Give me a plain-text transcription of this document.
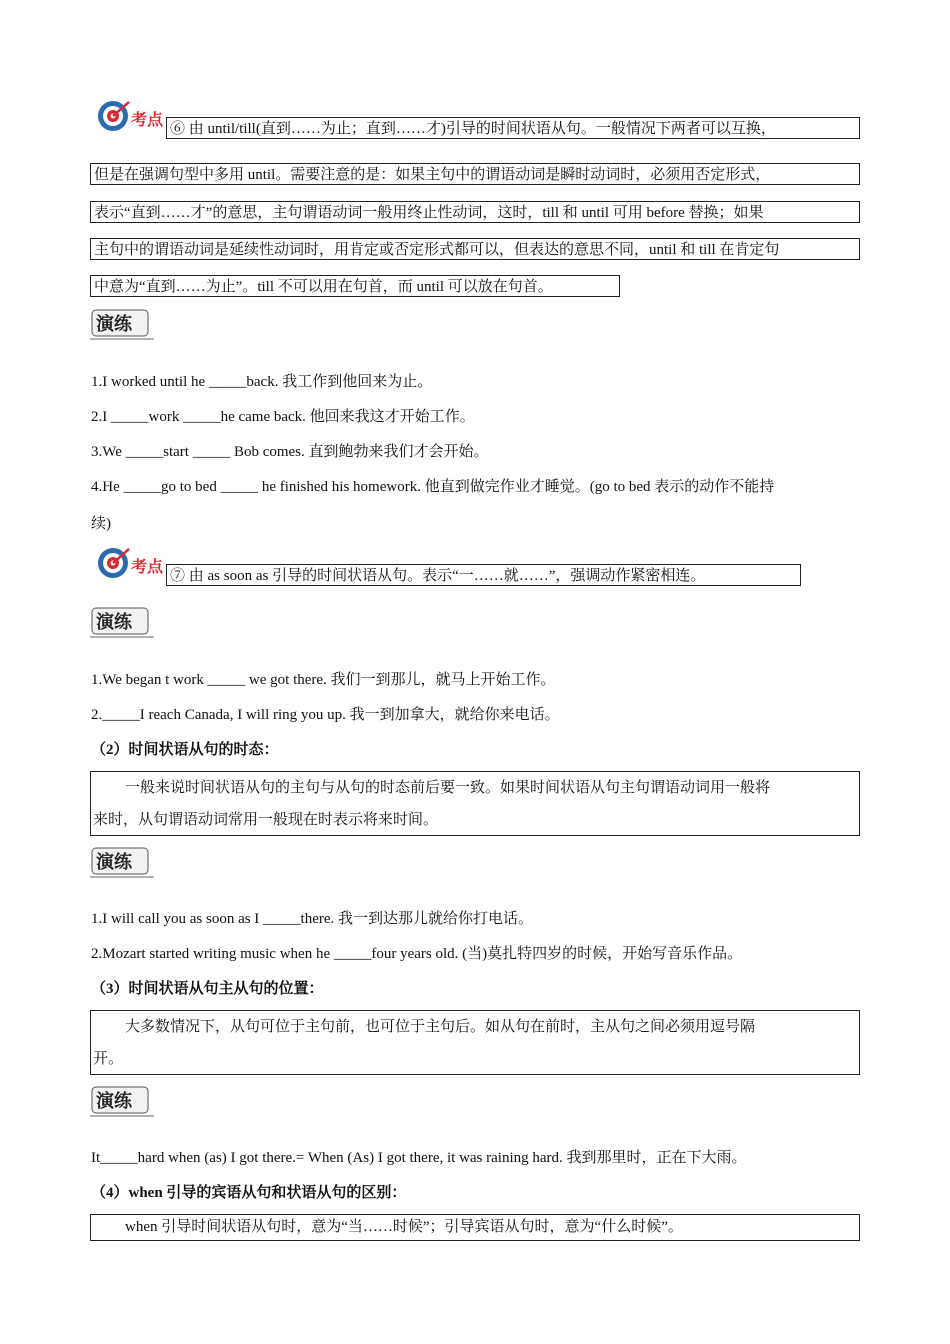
考点 ⑥ 由 until/till(直到……为止；直到……才)引导的时间状语从句。一般情况下两者可以互换，
但是在强调句型中多用 until。需要注意的是：如果主句中的谓语动词是瞬时动词时，必须用否定形式，
表示“直到……才”的意思，主句谓语动词一般用终止性动词，这时，till 和 until 可用 before 替换；如果
主句中的谓语动词是延续性动词时，用肯定或否定形式都可以，但表达的意思不同，until 和 till 在肯定句
中意为“直到……为止”。till 不可以用在句首，而 until 可以放在句首。
演练
1.I worked until he _____back. 我工作到他回来为止。
2.I _____work _____he came back. 他回来我这才开始工作。
3.We _____start _____ Bob comes. 直到鲍勃来我们才会开始。
4.He _____go to bed _____ he finished his homework. 他直到做完作业才睡觉。(go to bed 表示的动作不能持
续)
考点 ⑦ 由 as soon as 引导的时间状语从句。表示“一……就……”，强调动作紧密相连。
演练
1.We began t work _____ we got there. 我们一到那儿，就马上开始工作。
2._____I reach Canada, I will ring you up. 我一到加拿大，就给你来电话。
（2）时间状语从句的时态：

一般来说时间状语从句的主句与从句的时态前后要一致。如果时间状语从句主句谓语动词用一般将

来时，从句谓语动词常用一般现在时表示将来时间。

演练
1.I will call you as soon as I _____there. 我一到达那儿就给你打电话。
2.Mozart started writing music when he _____four years old. (当)莫扎特四岁的时候，开始写音乐作品。
（3）时间状语从句主从句的位置：

大多数情况下，从句可位于主句前，也可位于主句后。如从句在前时，主从句之间必须用逗号隔

开。

演练
It_____hard when (as) I got there.= When (As) I got there, it was raining hard. 我到那里时，正在下大雨。
（4）when 引导的宾语从句和状语从句的区别：

when 引导时间状语从句时，意为“当……时候”；引导宾语从句时，意为“什么时候”。
